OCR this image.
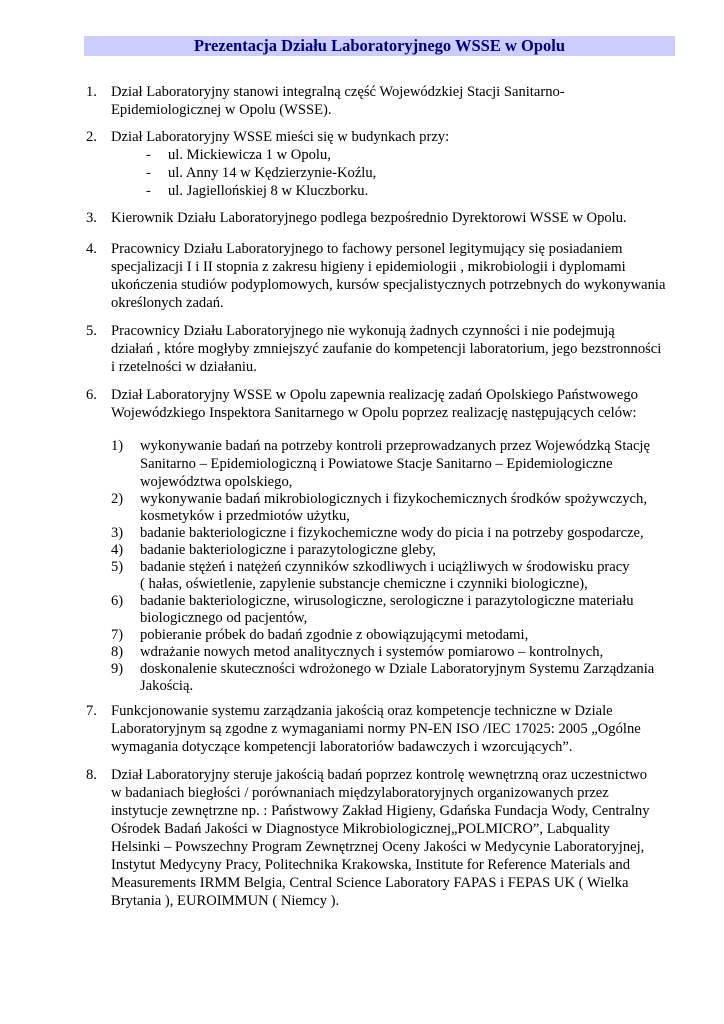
Prezentacja Działu Laboratoryjnego WSSE w Opolu
1. Dział Laboratoryjny stanowi integralną część Wojewódzkiej Stacji Sanitarno-
Epidemiologicznej w Opolu (WSSE).
2. Dział Laboratoryjny WSSE mieści się w budynkach przy:
- ul. Mickiewicza 1 w Opolu,
- ul. Anny 14 w Kędzierzynie-Koźlu,
- ul. Jagiellońskiej 8 w Kluczborku.
3. Kierownik Działu Laboratoryjnego podlega bezpośrednio Dyrektorowi WSSE w Opolu.
4. Pracownicy Działu Laboratoryjnego to fachowy personel legitymujący się posiadaniem
specjalizacji I i II stopnia z zakresu higieny i epidemiologii , mikrobiologii i dyplomami
ukończenia studiów podyplomowych, kursów specjalistycznych potrzebnych do wykonywania
określonych zadań.
5. Pracownicy Działu Laboratoryjnego nie wykonują żadnych czynności i nie podejmują
działań , które mogłyby zmniejszyć zaufanie do kompetencji laboratorium, jego bezstronności
i rzetelności w działaniu.
6. Dział Laboratoryjny WSSE w Opolu zapewnia realizację zadań Opolskiego Państwowego
Wojewódzkiego Inspektora Sanitarnego w Opolu poprzez realizację następujących celów:
1) wykonywanie badań na potrzeby kontroli przeprowadzanych przez Wojewódzką Stację
Sanitarno – Epidemiologiczną i Powiatowe Stacje Sanitarno – Epidemiologiczne
województwa opolskiego,
2) wykonywanie badań mikrobiologicznych i fizykochemicznych środków spożywczych,
kosmetyków i przedmiotów użytku,
3) badanie bakteriologiczne i fizykochemiczne wody do picia i na potrzeby gospodarcze,
4) badanie bakteriologiczne i parazytologiczne gleby,
5) badanie stężeń i natężeń czynników szkodliwych i uciążliwych w środowisku pracy
( hałas, oświetlenie, zapylenie substancje chemiczne i czynniki biologiczne),
6) badanie bakteriologiczne, wirusologiczne, serologiczne i parazytologiczne materiału
biologicznego od pacjentów,
7) pobieranie próbek do badań zgodnie z obowiązującymi metodami,
8) wdrażanie nowych metod analitycznych i systemów pomiarowo – kontrolnych,
9) doskonalenie skuteczności wdrożonego w Dziale Laboratoryjnym Systemu Zarządzania
Jakością.
7. Funkcjonowanie systemu zarządzania jakością oraz kompetencje techniczne w Dziale
Laboratoryjnym są zgodne z wymaganiami normy PN-EN ISO /IEC 17025: 2005 „Ogólne
wymagania dotyczące kompetencji laboratoriów badawczych i wzorcujących”.
8. Dział Laboratoryjny steruje jakością badań poprzez kontrolę wewnętrzną oraz uczestnictwo
w badaniach biegłości / porównaniach międzylaboratoryjnych organizowanych przez
instytucje zewnętrzne np. : Państwowy Zakład Higieny, Gdańska Fundacja Wody, Centralny
Ośrodek Badań Jakości w Diagnostyce Mikrobiologicznej„POLMICRO”, Labquality
Helsinki – Powszechny Program Zewnętrznej Oceny Jakości w Medycynie Laboratoryjnej,
Instytut Medycyny Pracy, Politechnika Krakowska, Institute for Reference Materials and
Measurements IRMM Belgia, Central Science Laboratory FAPAS i FEPAS UK ( Wielka
Brytania ), EUROIMMUN ( Niemcy ).
